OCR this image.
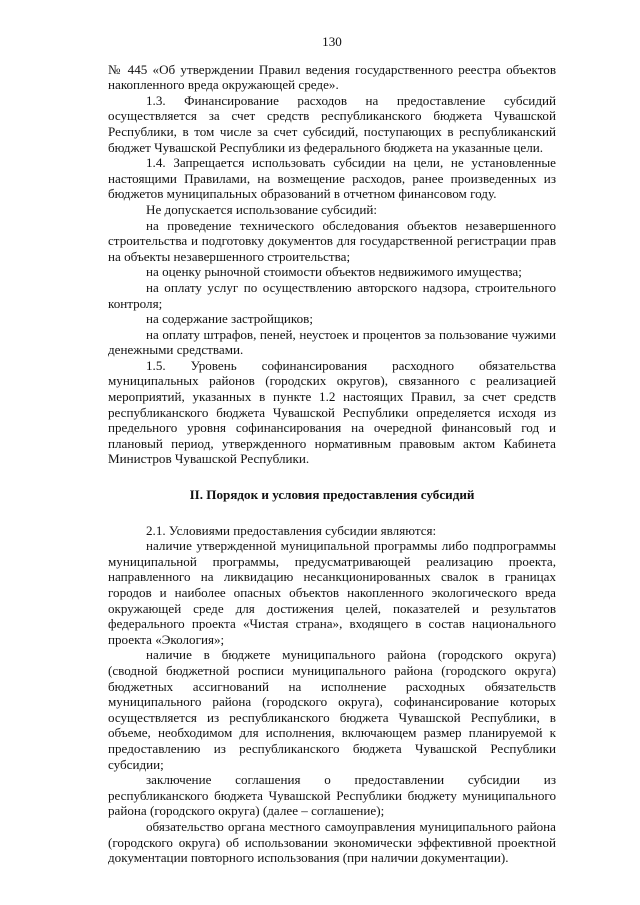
130

№ 445 «Об утверждении Правил ведения государственного реестра объектов накопленного вреда окружающей среде».

1.3. Финансирование расходов на предоставление субсидий осуществляется за счет средств республиканского бюджета Чувашской Республики, в том числе за счет субсидий, поступающих в республиканский бюджет Чувашской Республики из федерального бюджета на указанные цели.

1.4. Запрещается использовать субсидии на цели, не установленные настоящими Правилами, на возмещение расходов, ранее произведенных из бюджетов муниципальных образований в отчетном финансовом году.

Не допускается использование субсидий:

на проведение технического обследования объектов незавершенного строительства и подготовку документов для государственной регистрации прав на объекты незавершенного строительства;

на оценку рыночной стоимости объектов недвижимого имущества;

на оплату услуг по осуществлению авторского надзора, строительного контроля;

на содержание застройщиков;

на оплату штрафов, пеней, неустоек и процентов за пользование чужими денежными средствами.

1.5. Уровень софинансирования расходного обязательства муниципальных районов (городских округов), связанного с реализацией мероприятий, указанных в пункте 1.2 настоящих Правил, за счет средств республиканского бюджета Чувашской Республики определяется исходя из предельного уровня софинансирования на очередной финансовый год и плановый период, утвержденного нормативным правовым актом Кабинета Министров Чувашской Республики.

II. Порядок и условия предоставления субсидий

2.1. Условиями предоставления субсидии являются:

наличие утвержденной муниципальной программы либо подпрограммы муниципальной программы, предусматривающей реализацию проекта, направленного на ликвидацию несанкционированных свалок в границах городов и наиболее опасных объектов накопленного экологического вреда окружающей среде для достижения целей, показателей и результатов федерального проекта «Чистая страна», входящего в состав национального проекта «Экология»;

наличие в бюджете муниципального района (городского округа) (сводной бюджетной росписи муниципального района (городского округа) бюджетных ассигнований на исполнение расходных обязательств муниципального района (городского округа), софинансирование которых осуществляется из республиканского бюджета Чувашской Республики, в объеме, необходимом для исполнения, включающем размер планируемой к предоставлению из республиканского бюджета Чувашской Республики субсидии;

заключение соглашения о предоставлении субсидии из республиканского бюджета Чувашской Республики бюджету муниципального района (городского округа) (далее – соглашение);

обязательство органа местного самоуправления муниципального района (городского округа) об использовании экономически эффективной проектной документации повторного использования (при наличии документации).
